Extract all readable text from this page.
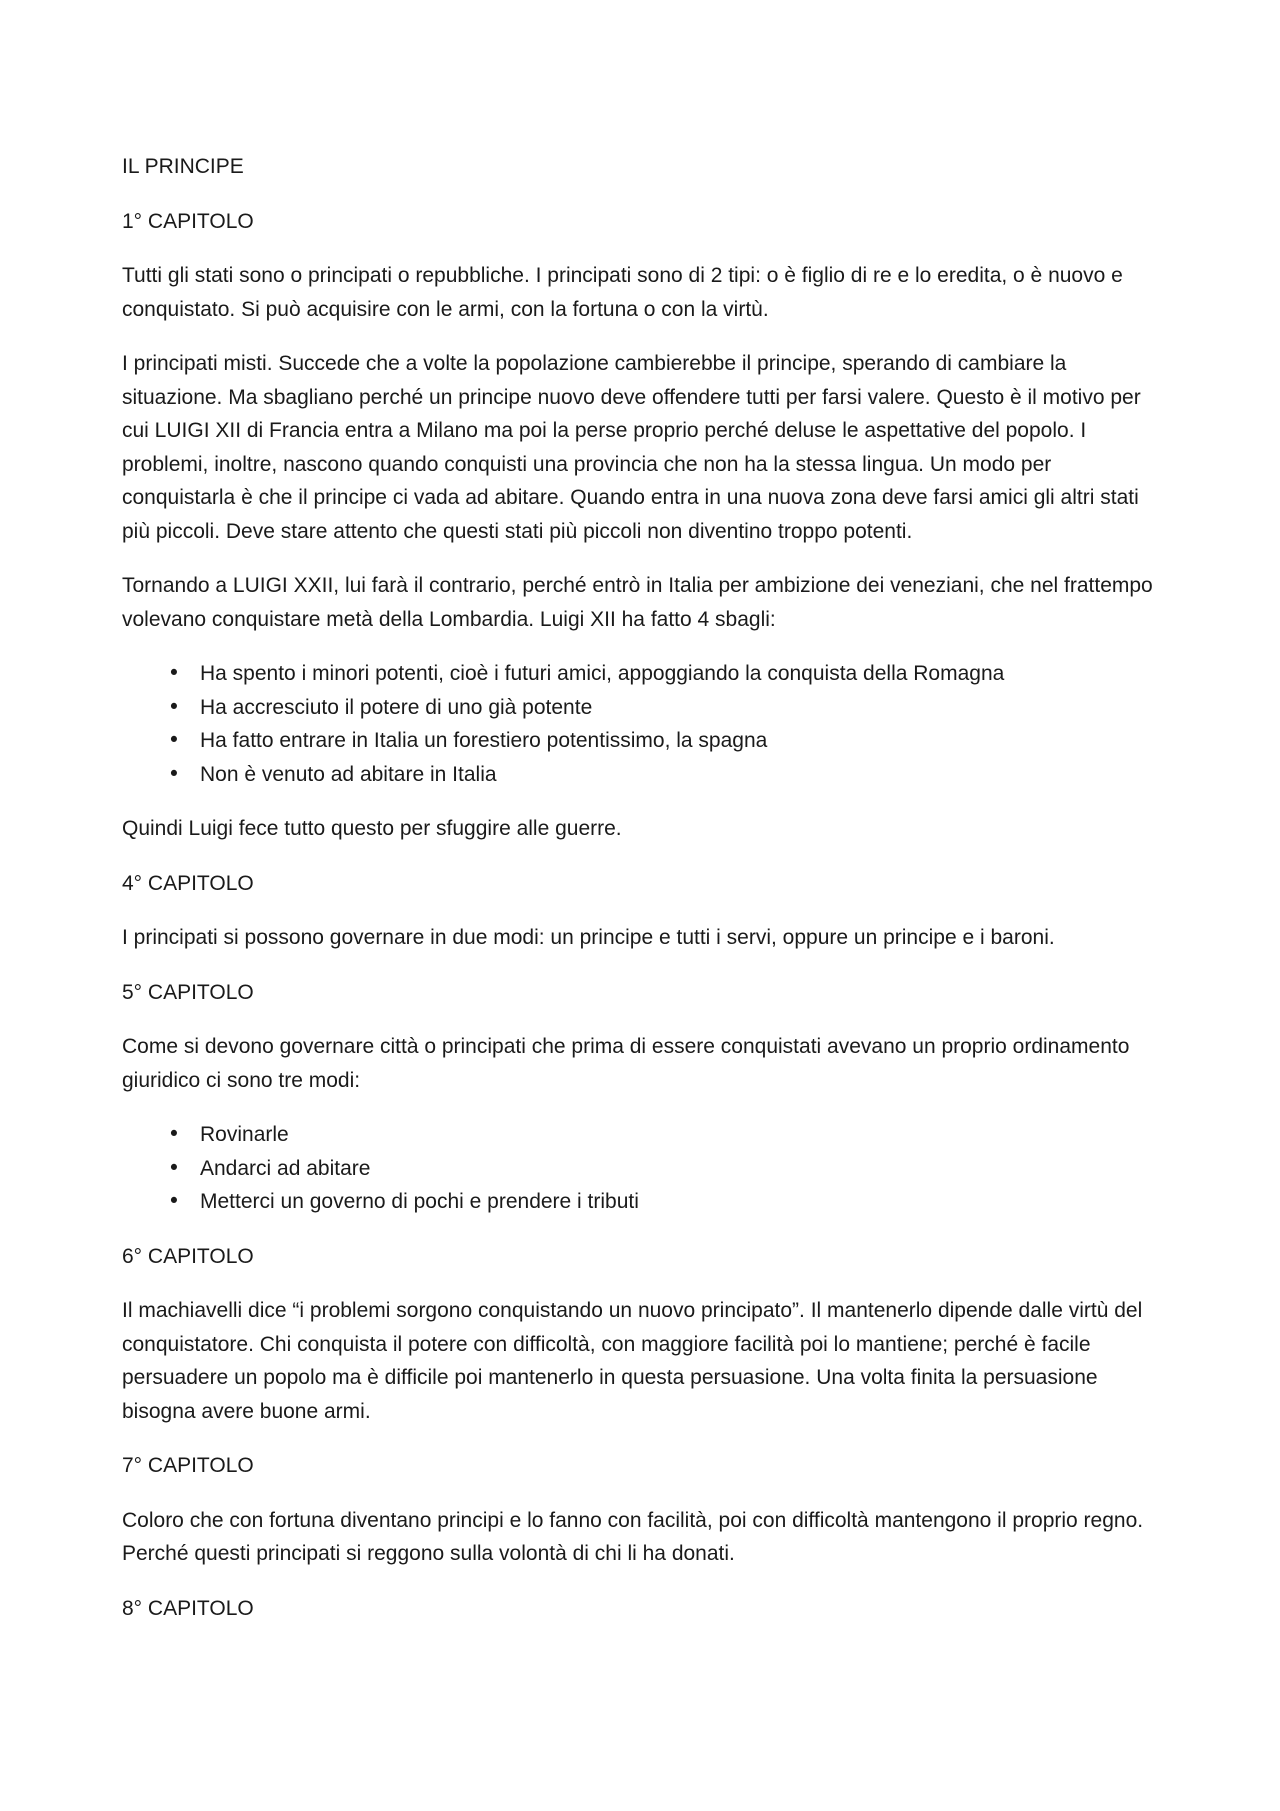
IL PRINCIPE
1° CAPITOLO

Tutti gli stati sono o principati o repubbliche. I principati sono di 2 tipi: o è figlio di re e lo eredita, o è nuovo e conquistato. Si può acquisire con le armi, con la fortuna o con la virtù.

I principati misti. Succede che a volte la popolazione cambierebbe il principe, sperando di cambiare la situazione. Ma sbagliano perché un principe nuovo deve offendere tutti per farsi valere. Questo è il motivo per cui LUIGI XII di Francia entra a Milano ma poi la perse proprio perché deluse le aspettative del popolo. I problemi, inoltre, nascono quando conquisti una provincia che non ha la stessa lingua. Un modo per conquistarla è che il principe ci vada ad abitare. Quando entra in una nuova zona deve farsi amici gli altri stati più piccoli. Deve stare attento che questi stati più piccoli non diventino troppo potenti.

Tornando a LUIGI XXII, lui farà il contrario, perché entrò in Italia per ambizione dei veneziani, che nel frattempo volevano conquistare metà della Lombardia. Luigi XII ha fatto 4 sbagli:

• Ha spento i minori potenti, cioè i futuri amici, appoggiando la conquista della Romagna
• Ha accresciuto il potere di uno già potente
• Ha fatto entrare in Italia un forestiero potentissimo, la spagna
• Non è venuto ad abitare in Italia

Quindi Luigi fece tutto questo per sfuggire alle guerre.

4° CAPITOLO

I principati si possono governare in due modi: un principe e tutti i servi, oppure un principe e i baroni.

5° CAPITOLO

Come si devono governare città o principati che prima di essere conquistati avevano un proprio ordinamento giuridico ci sono tre modi:

• Rovinarle
• Andarci ad abitare
• Metterci un governo di pochi e prendere i tributi
6° CAPITOLO

Il machiavelli dice “i problemi sorgono conquistando un nuovo principato”. Il mantenerlo dipende dalle virtù del conquistatore. Chi conquista il potere con difficoltà, con maggiore facilità poi lo mantiene; perché è facile persuadere un popolo ma è difficile poi mantenerlo in questa persuasione. Una volta finita la persuasione bisogna avere buone armi.

7° CAPITOLO

Coloro che con fortuna diventano principi e lo fanno con facilità, poi con difficoltà mantengono il proprio regno. Perché questi principati si reggono sulla volontà di chi li ha donati.

8° CAPITOLO
